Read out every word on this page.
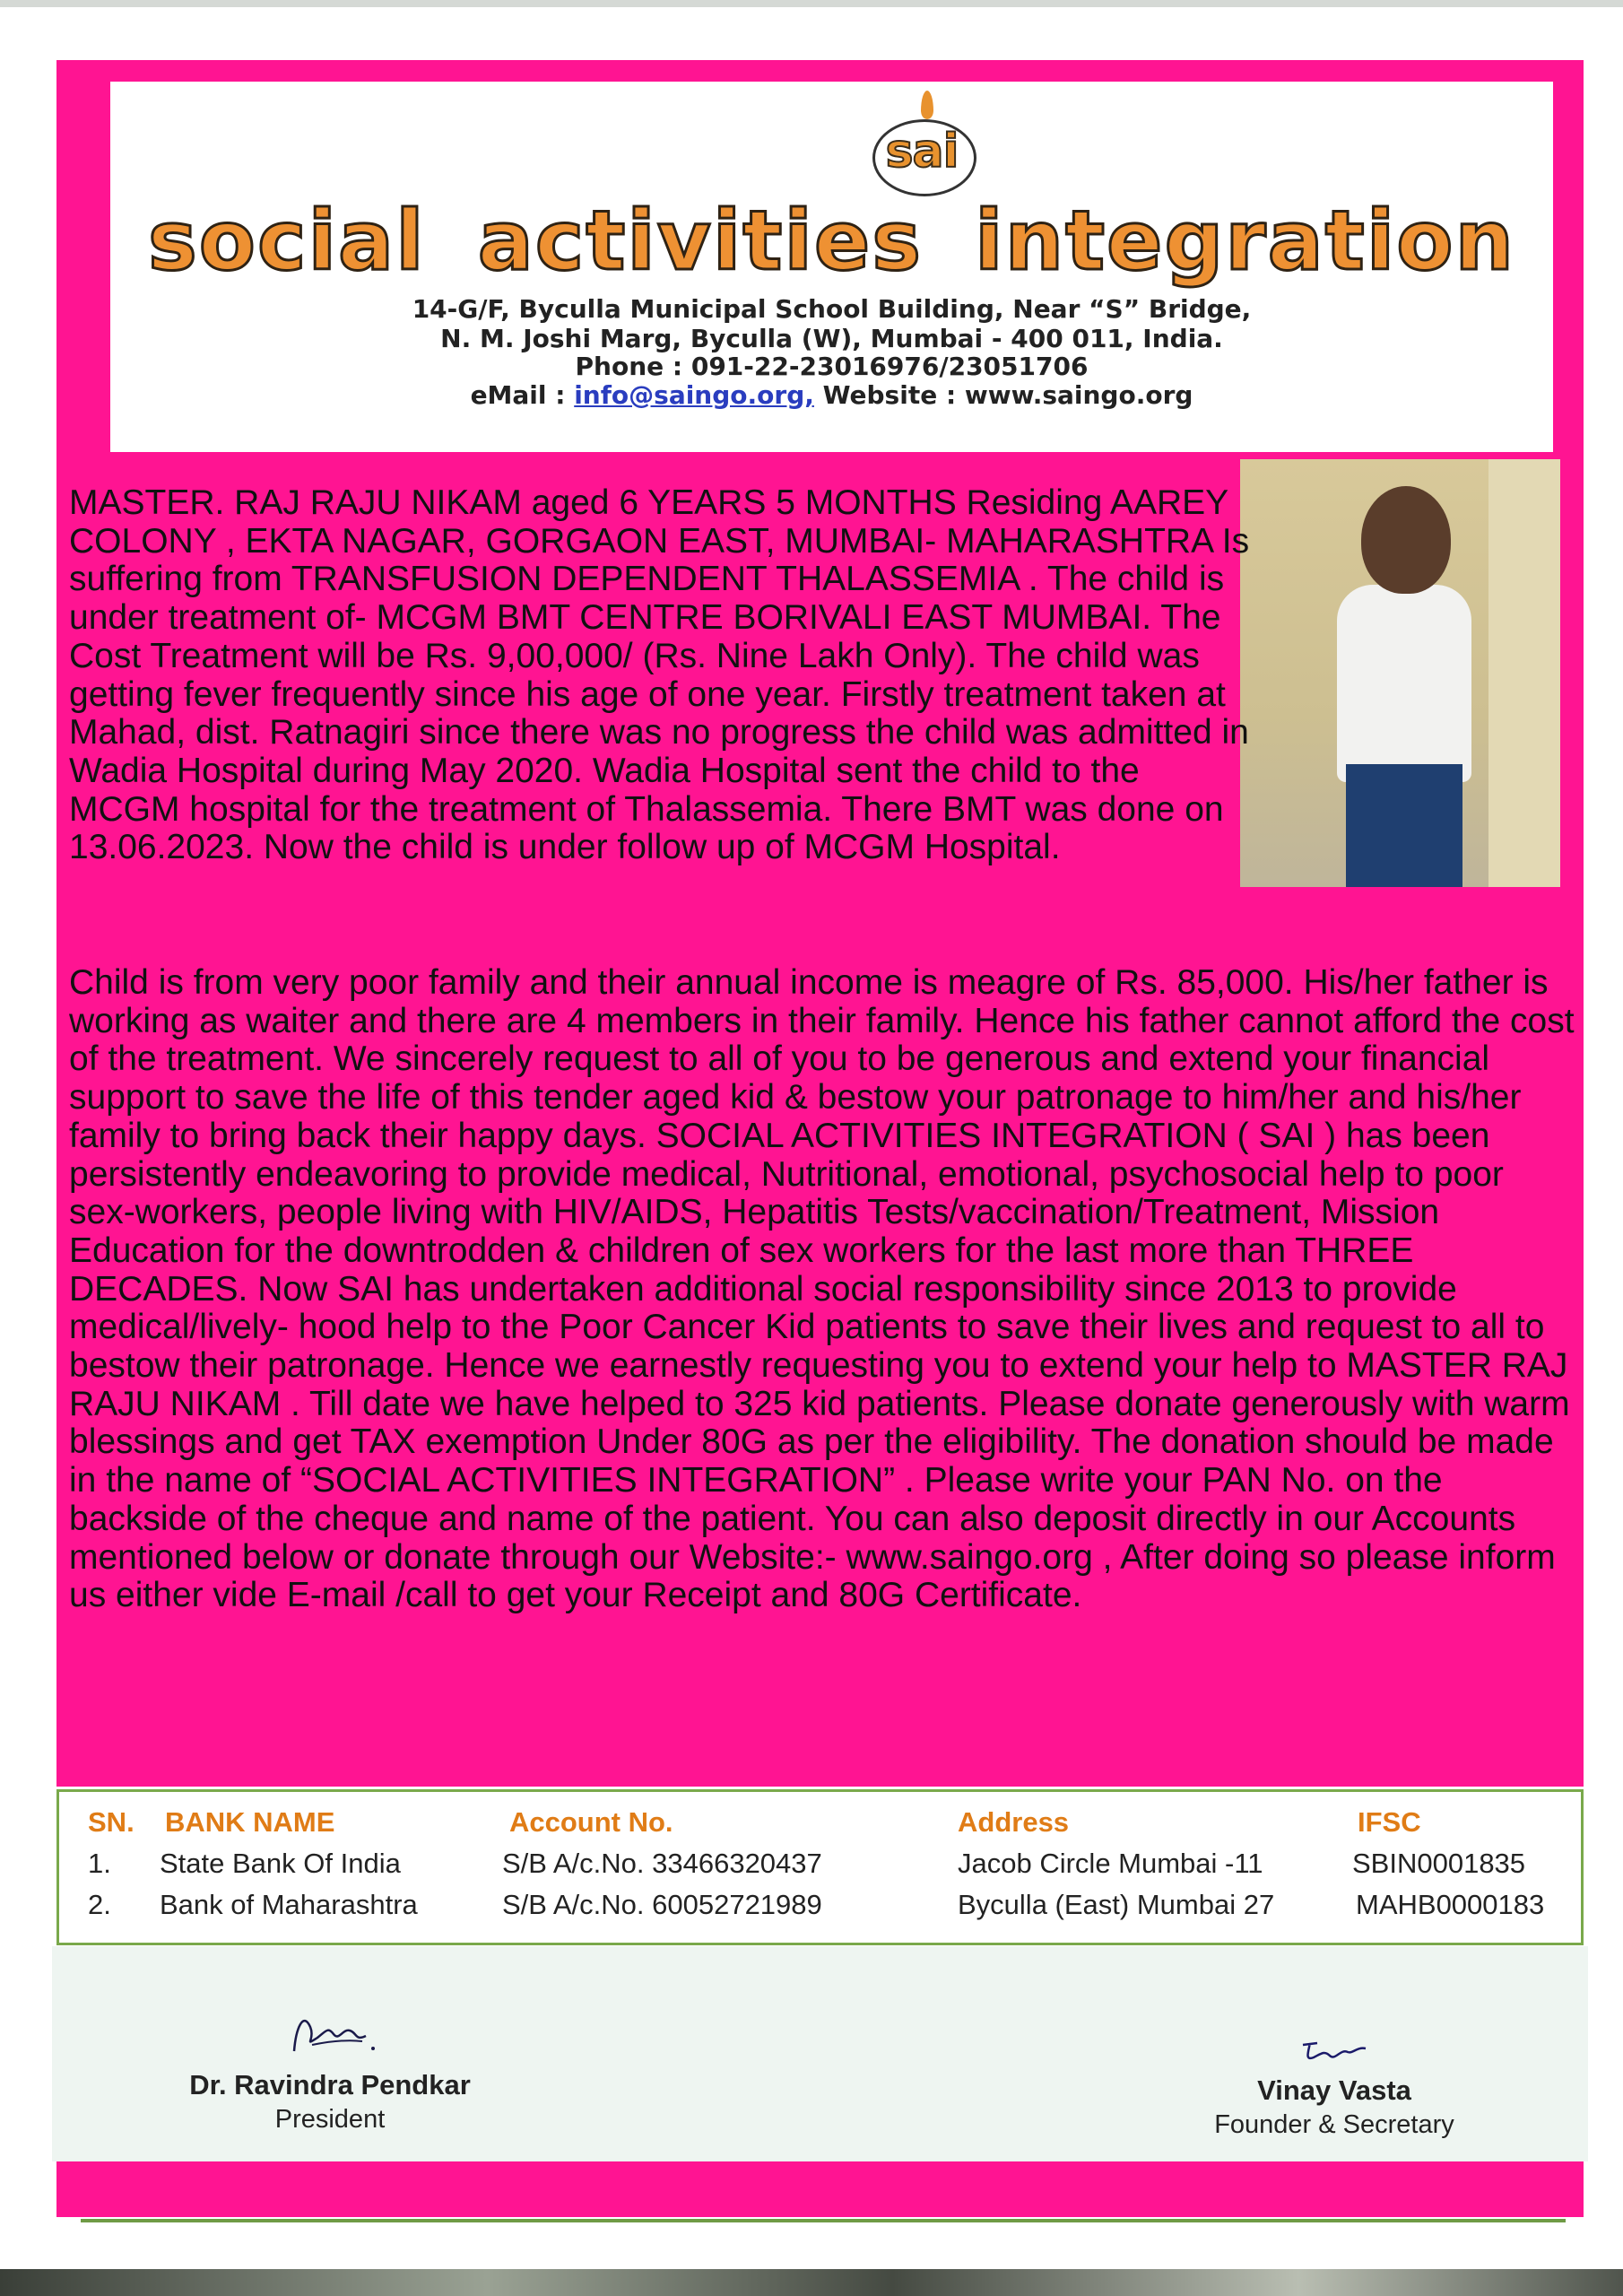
sai
social activities integration
14-G/F, Byculla Municipal School Building, Near “S” Bridge,
N. M. Joshi Marg, Byculla (W), Mumbai - 400 011, India.
Phone : 091-22-23016976/23051706
eMail : info@saingo.org, Website : www.saingo.org

MASTER. RAJ RAJU NIKAM aged 6 YEARS 5 MONTHS Residing AAREY COLONY , EKTA NAGAR, GORGAON EAST, MUMBAI- MAHARASHTRA Is suffering from TRANSFUSION DEPENDENT THALASSEMIA . The child is under treatment of- MCGM BMT CENTRE BORIVALI EAST MUMBAI. The Cost Treatment will be Rs. 9,00,000/ (Rs. Nine Lakh Only). The child was getting fever frequently since his age of one year. Firstly treatment taken at Mahad, dist. Ratnagiri since there was no progress the child was admitted in Wadia Hospital during May 2020. Wadia Hospital sent the child to the MCGM hospital for the treatment of Thalassemia. There BMT was done on 13.06.2023. Now the child is under follow up of MCGM Hospital.

Child is from very poor family and their annual income is meagre of Rs. 85,000. His/her father is working as waiter and there are 4 members in their family. Hence his father cannot afford the cost of the treatment. We sincerely request to all of you to be generous and extend your financial support to save the life of this tender aged kid & bestow your patronage to him/her and his/her family to bring back their happy days. SOCIAL ACTIVITIES INTEGRATION ( SAI ) has been persistently endeavoring to provide medical, Nutritional, emotional, psychosocial help to poor sex-workers, people living with HIV/AIDS, Hepatitis Tests/vaccination/Treatment, Mission Education for the downtrodden & children of sex workers for the last more than THREE DECADES. Now SAI has undertaken additional social responsibility since 2013 to provide medical/lively- hood help to the Poor Cancer Kid patients to save their lives and request to all to bestow their patronage. Hence we earnestly requesting you to extend your help to MASTER RAJ RAJU NIKAM . Till date we have helped to 325 kid patients. Please donate generously with warm blessings and get TAX exemption Under 80G as per the eligibility. The donation should be made in the name of “SOCIAL ACTIVITIES INTEGRATION” . Please write your PAN No. on the backside of the cheque and name of the patient. You can also deposit directly in our Accounts mentioned below or donate through our Website:- www.saingo.org , After doing so please inform us either vide E-mail /call to get your Receipt and 80G Certificate.

SN. BANK NAME	Account No.	Address	IFSC
1. State Bank Of India	S/B A/c.No. 33466320437	Jacob Circle Mumbai -11	SBIN0001835
2. Bank of Maharashtra	S/B A/c.No. 60052721989	Byculla (East) Mumbai 27	MAHB0000183
Dr. Ravindra Pendkar
President
Vinay Vasta
Founder & Secretary
